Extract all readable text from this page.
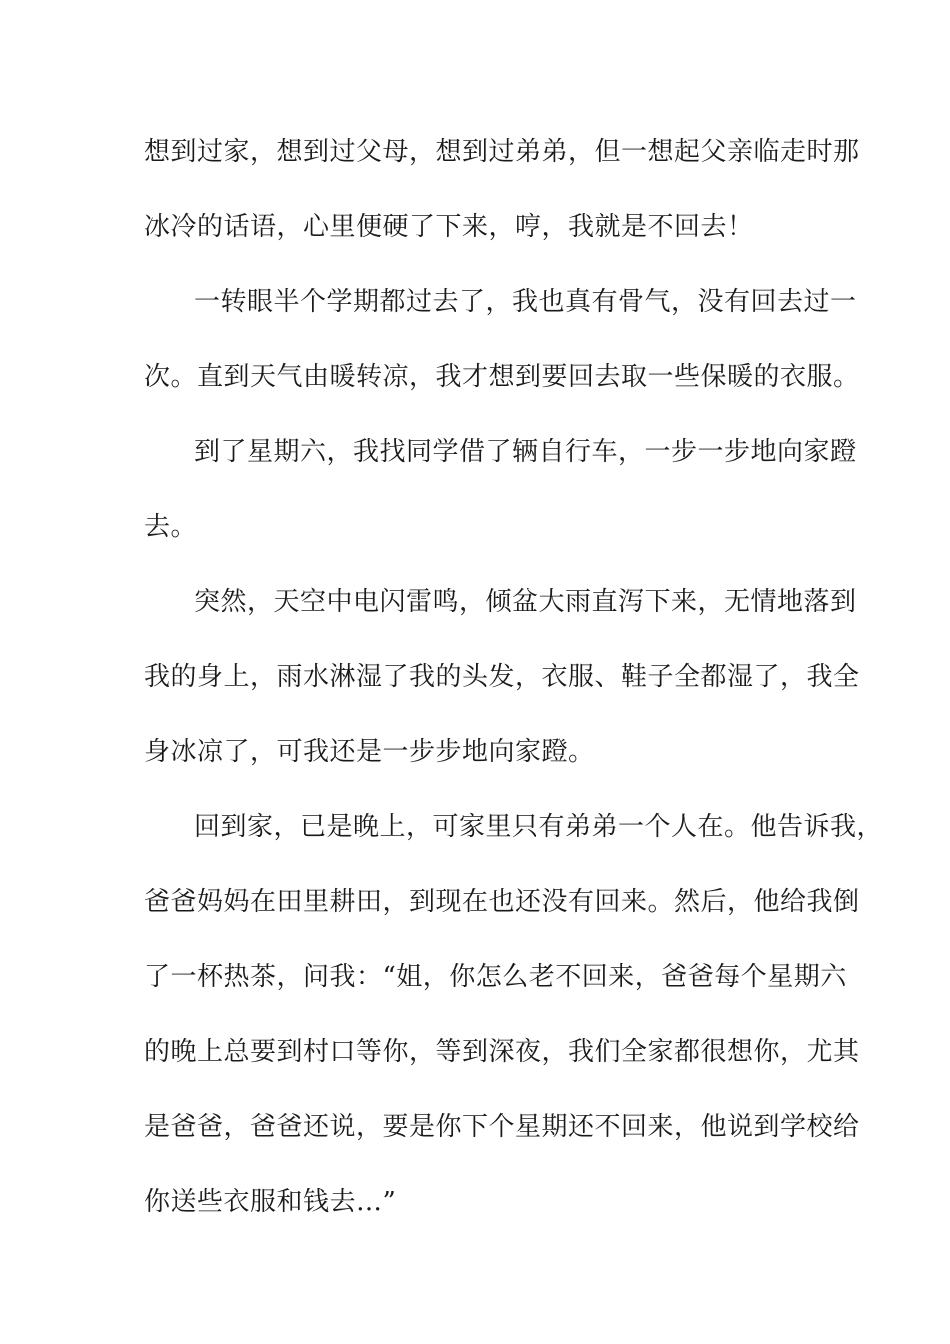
想到过家，想到过父母，想到过弟弟，但一想起父亲临走时那
冰冷的话语，心里便硬了下来，哼，我就是不回去！
一转眼半个学期都过去了，我也真有骨气，没有回去过一
次。直到天气由暖转凉，我才想到要回去取一些保暖的衣服。
到了星期六，我找同学借了辆自行车，一步一步地向家蹬
去。
突然，天空中电闪雷鸣，倾盆大雨直泻下来，无情地落到
我的身上，雨水淋湿了我的头发，衣服、鞋子全都湿了，我全
身冰凉了，可我还是一步步地向家蹬。
回到家，已是晚上，可家里只有弟弟一个人在。他告诉我，
爸爸妈妈在田里耕田，到现在也还没有回来。然后，他给我倒
了一杯热茶，问我：“姐，你怎么老不回来，爸爸每个星期六
的晚上总要到村口等你，等到深夜，我们全家都很想你，尤其
是爸爸，爸爸还说，要是你下个星期还不回来，他说到学校给
你送些衣服和钱去…”
